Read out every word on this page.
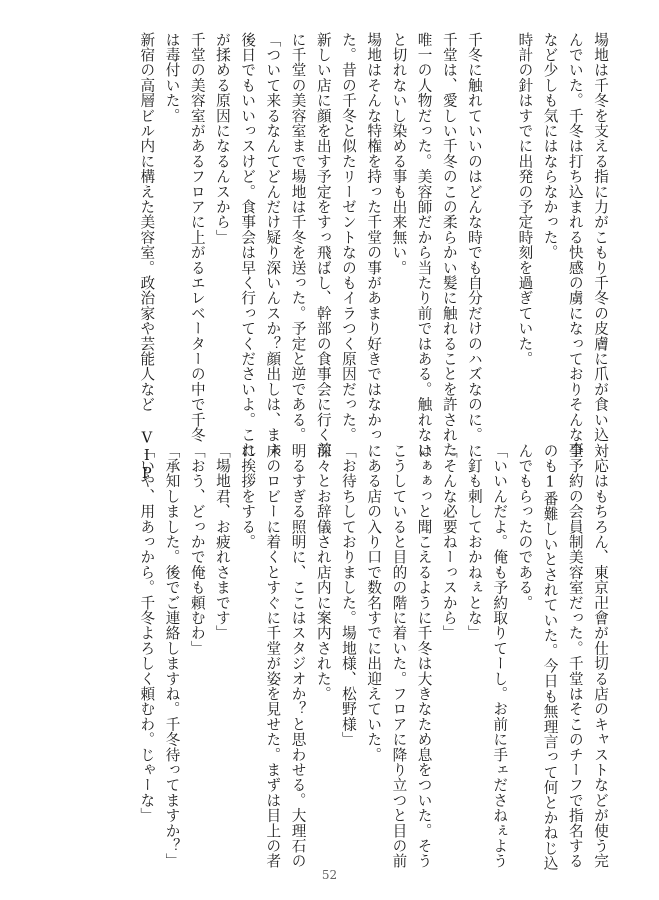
場地は千冬を支える指に力がこもり千冬の皮膚に爪が食い込

んでいた。千冬は打ち込まれる快感の虜になっておりそんな事

など少しも気にはならなかった。

時計の針はすでに出発の予定時刻を過ぎていた。

千冬に触れていいのはどんな時でも自分だけのハズなのに。

千堂は、愛しい千冬のこの柔らかい髪に触れることを許された

唯一の人物だった。美容師だから当たり前ではある。触れない

と切れないし染める事も出来無い。

場地はそんな特権を持った千堂の事があまり好きではなかっ

た。昔の千冬と似たリーゼントなのもイラつく原因だった。

新しい店に顔を出す予定をすっ飛ばし、幹部の食事会に行く前

に千堂の美容室まで場地は千冬を送った。予定と逆である。

「ついて来るなんてどんだけ疑り深いんスか？顔出しは、まぁ

後日でもいいっスけど。食事会は早く行ってくださいよ。これ

が揉める原因になるんスから」

千堂の美容室があるフロアに上がるエレベーターの中で千冬

は毒付いた。

新宿の高層ビル内に構えた美容室。政治家や芸能人など VIP

対応はもちろん、東京卍會が仕切る店のキャストなどが使う完

全予約の会員制美容室だった。千堂はそこのチーフで指名する

のも1番難しいとされていた。今日も無理言って何とかねじ込

んでもらったのである。

「いいんだよ。俺も予約取りてーし。お前に手ェださねぇよう

に釘も刺しておかねぇとな」

「そんな必要ねーっスから」

はぁぁっと聞こえるように千冬は大きなため息をついた。そう

こうしていると目的の階に着いた。フロアに降り立つと目の前

にある店の入り口で数名すでに出迎えていた。

「お待ちしておりました。場地様、松野様」

深々とお辞儀され店内に案内された。

明るすぎる照明に、ここはスタジオか？と思わせる。大理石の

床のロビーに着くとすぐに千堂が姿を見せた。まずは目上の者

に挨拶をする。

「場地君、お疲れさまです」

「おう、どっかで俺も頼むわ」

「承知しました。後でご連絡しますね。千冬待ってますか？」

「いや、用あっから。千冬よろしく頼むわ。じゃーな」

52
